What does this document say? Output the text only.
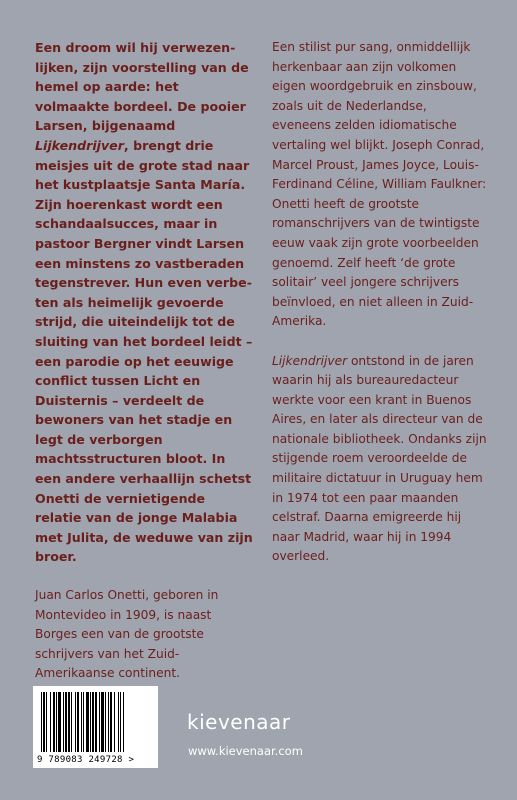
Een droom wil hij verwezenlijken, zijn voorstelling van de hemel op aarde: het volmaakte bordeel. De pooier Larsen, bijgenaamd Lijkendrijver, brengt drie meisjes uit de grote stad naar het kustplaatsje Santa María. Zijn hoerenkast wordt een schandaalsucces, maar in pastoor Bergner vindt Larsen een minstens zo vastberaden tegenstrever. Hun even verbeten als heimelijk gevoerde strijd, die uiteindelijk tot de sluiting van het bordeel leidt – een parodie op het eeuwige conflict tussen Licht en Duisternis – verdeelt de bewoners van het stadje en legt de verborgen machtsstructuren bloot. In een andere verhaallijn schetst Onetti de vernietigende relatie van de jonge Malabia met Julita, de weduwe van zijn broer.

Juan Carlos Onetti, geboren in Montevideo in 1909, is naast Borges een van de grootste schrijvers van het Zuid-Amerikaanse continent.

Een stilist pur sang, onmiddellijk herkenbaar aan zijn volkomen eigen woordgebruik en zinsbouw, zoals uit de Nederlandse, eveneens zelden idiomatische vertaling wel blijkt. Joseph Conrad, Marcel Proust, James Joyce, Louis-Ferdinand Céline, William Faulkner: Onetti heeft de grootste romanschrijvers van de twintigste eeuw vaak zijn grote voorbeelden genoemd. Zelf heeft ‘de grote solitair’ veel jongere schrijvers beïnvloed, en niet alleen in Zuid-Amerika.

Lijkendrijver ontstond in de jaren waarin hij als bureauredacteur werkte voor een krant in Buenos Aires, en later als directeur van de nationale bibliotheek. Ondanks zijn stijgende roem veroordeelde de militaire dictatuur in Uruguay hem in 1974 tot een paar maanden celstraf. Daarna emigreerde hij naar Madrid, waar hij in 1994 overleed.

9 789083 249728 >
kievenaar
www.kievenaar.com
